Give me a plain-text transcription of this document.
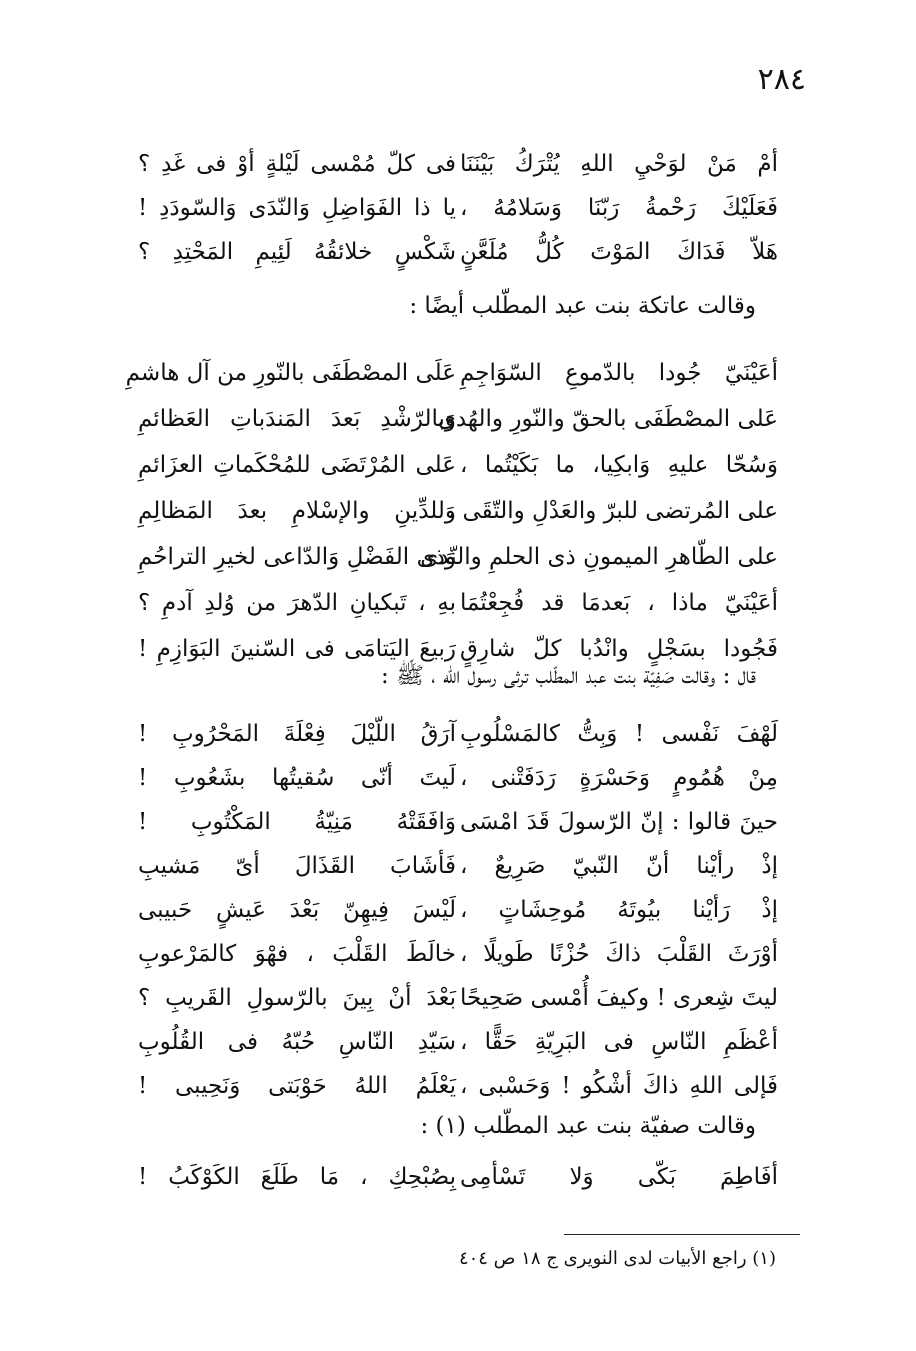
٢٨٤
أمْ مَنْ لوَحْيِ اللهِ يُتْرَكُ بَيْنَنَا
فى كلّ مُمْسى لَيْلةٍ أوْ فى غَدِ ؟
فَعَلَيْكَ رَحْمةُ رَبّنَا وَسَلامُهُ ،
يا ذا الفَوَاضِلِ وَالنّدَى وَالسّودَدِ !
هَلاّ فَدَاكَ المَوْتَ كُلُّ مُلَعَّنٍ
شَكْسٍ خلائقُهُ لَئِيمِ المَحْتِدِ ؟
وقالت عاتكة بنت عبد المطّلب أيضًا :
أعَيْنَيّ جُودا بالدّموعِ السّوَاجِمِ
عَلَى المصْطَفَى بالنّورِ من آل هاشمِ
عَلى المصْطَفَى بالحقّ والنّورِ والهُدى
وَبالرّشْدِ بَعدَ المَندَباتِ العَظائمِ
وَسُحّا عليهِ وَابكِيا، ما بَكَيْتُما ،
عَلى المُرْتَضَى للمُحْكَماتِ العزَائمِ
على المُرتضى للبرّ والعَدْلِ والتّقَى ،
وَللدِّينِ والإسْلامِ بعدَ المَظالِمِ
على الطّاهرِ الميمونِ ذى الحلمِ والنّدى
وَذى الفَضْلِ وَالدّاعى لخيرِ التراحُمِ
أعَيْنَيّ ماذا ، بَعدمَا قد فُجِعْتُمَا
بهِ ، تَبكيانِ الدّهرَ من وُلدِ آدمِ ؟
فَجُودا بسَجْلٍ وانْدُبا كلّ شارِقٍ
رَبيعَ اليَتامَى فى السّنينَ البَوَازِمِ !
قال : وقالت صَفِيّة بنت عبد المطّلب ترثى رسول الله ، ﷺ :
لَهْفَ نَفْسى ! وَبِتُّ كالمَسْلُوبِ
آرَقُ اللّيْلَ فِعْلَةَ المَحْرُوبِ !
مِنْ هُمُومٍ وَحَسْرَةٍ رَدَفَتْنى ،
لَيتَ أنّى سُقيتُها بشَعُوبِ !
حينَ قالوا : إنّ الرّسولَ قَدَ امْسَى
وَافَقَتْهُ مَنِيّةُ المَكْتُوبِ !
إذْ رأيْنا أنّ النّبيّ صَرِيعٌ ،
فَأشَابَ القَذَالَ أىّ مَشيبِ
إذْ رَأيْنا بيُوتَهُ مُوحِشَاتٍ ،
لَيْسَ فِيهِنّ بَعْدَ عَيشٍ حَبيبى
أوْرَثَ القَلْبَ ذاكَ حُزْنًا طَويلًا ،
خالَطَ القَلْبَ ، فهْوَ كالمَرْعوبِ
ليتَ شِعرى ! وكيفَ أُمْسى صَحِيحًا
بَعْدَ أنْ بِينَ بالرّسولِ القَريبِ ؟
أعْظَمِ النّاسِ فى البَرِيّةِ حَقًّا ،
سَيّدِ النّاسِ حُبّهُ فى القُلُوبِ
فَإلى اللهِ ذاكَ أشْكُو ! وَحَسْبى ،
يَعْلَمُ اللهُ حَوْبَتى وَنَحِيبى !
وقالت صفيّة بنت عبد المطّلب (١) :
أفَاطِمَ بَكّى وَلا تَسْأمِى
بِصُبْحِكِ ، مَا طَلَعَ الكَوْكَبُ !
(١) راجع الأبيات لدى النويرى ج ١٨ ص ٤٠٤
